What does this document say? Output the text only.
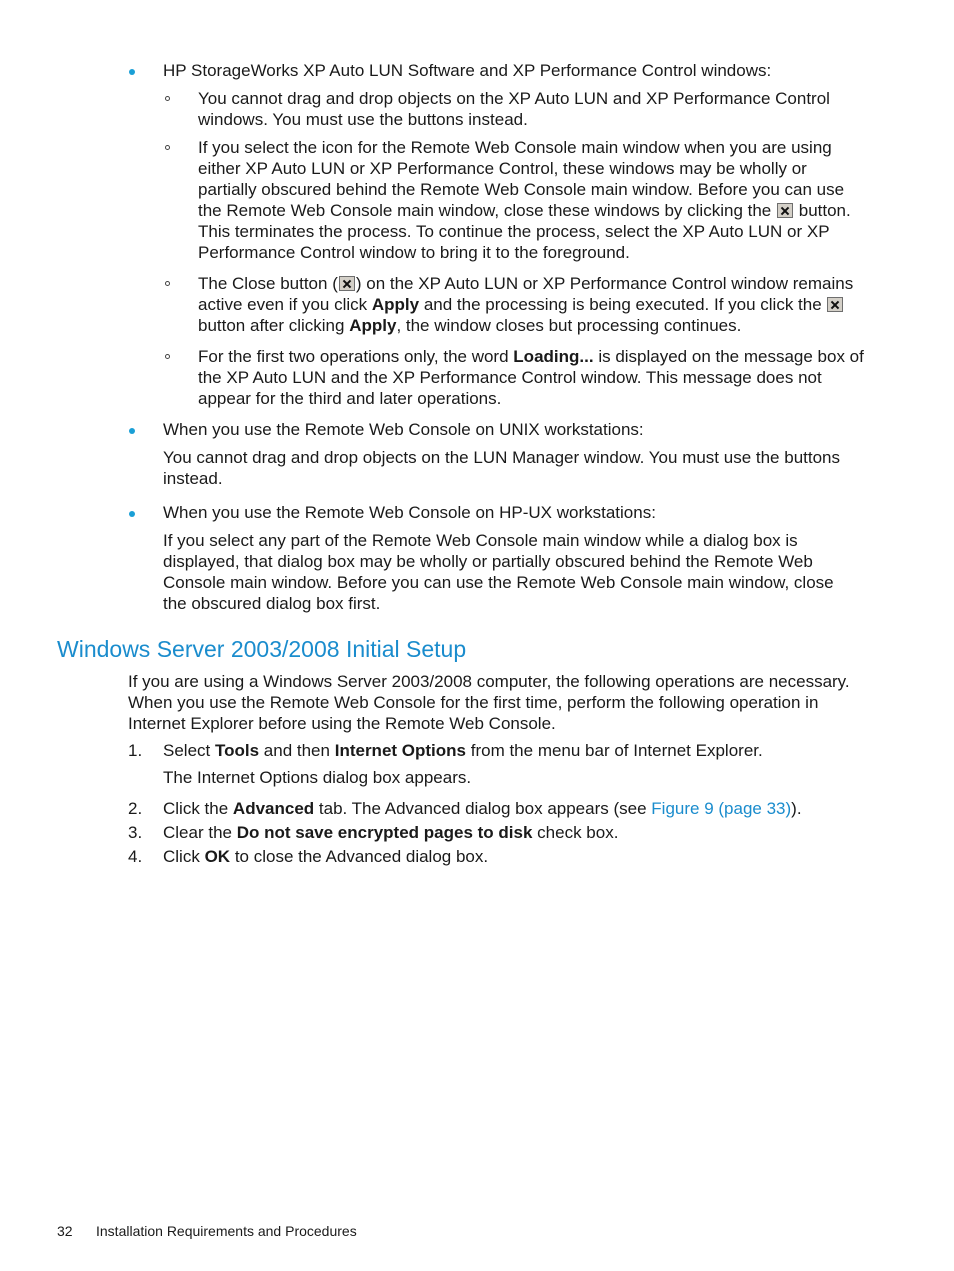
HP StorageWorks XP Auto LUN Software and XP Performance Control windows:
You cannot drag and drop objects on the XP Auto LUN and XP Performance Control windows. You must use the buttons instead.
If you select the icon for the Remote Web Console main window when you are using either XP Auto LUN or XP Performance Control, these windows may be wholly or partially obscured behind the Remote Web Console main window. Before you can use the Remote Web Console main window, close these windows by clicking the button. This terminates the process. To continue the process, select the XP Auto LUN or XP Performance Control window to bring it to the foreground.
The Close button ( ) on the XP Auto LUN or XP Performance Control window remains active even if you click Apply and the processing is being executed. If you click the  button after clicking Apply, the window closes but processing continues.
For the first two operations only, the word Loading... is displayed on the message box of the XP Auto LUN and the XP Performance Control window. This message does not appear for the third and later operations.
When you use the Remote Web Console on UNIX workstations:
You cannot drag and drop objects on the LUN Manager window. You must use the buttons instead.
When you use the Remote Web Console on HP-UX workstations:
If you select any part of the Remote Web Console main window while a dialog box is displayed, that dialog box may be wholly or partially obscured behind the Remote Web Console main window. Before you can use the Remote Web Console main window, close the obscured dialog box first.
Windows Server 2003/2008 Initial Setup
If you are using a Windows Server 2003/2008 computer, the following operations are necessary. When you use the Remote Web Console for the first time, perform the following operation in Internet Explorer before using the Remote Web Console.
1. Select Tools and then Internet Options from the menu bar of Internet Explorer.
The Internet Options dialog box appears.
2. Click the Advanced tab. The Advanced dialog box appears (see Figure 9 (page 33)).
3. Clear the Do not save encrypted pages to disk check box.
4. Click OK to close the Advanced dialog box.
32 Installation Requirements and Procedures
